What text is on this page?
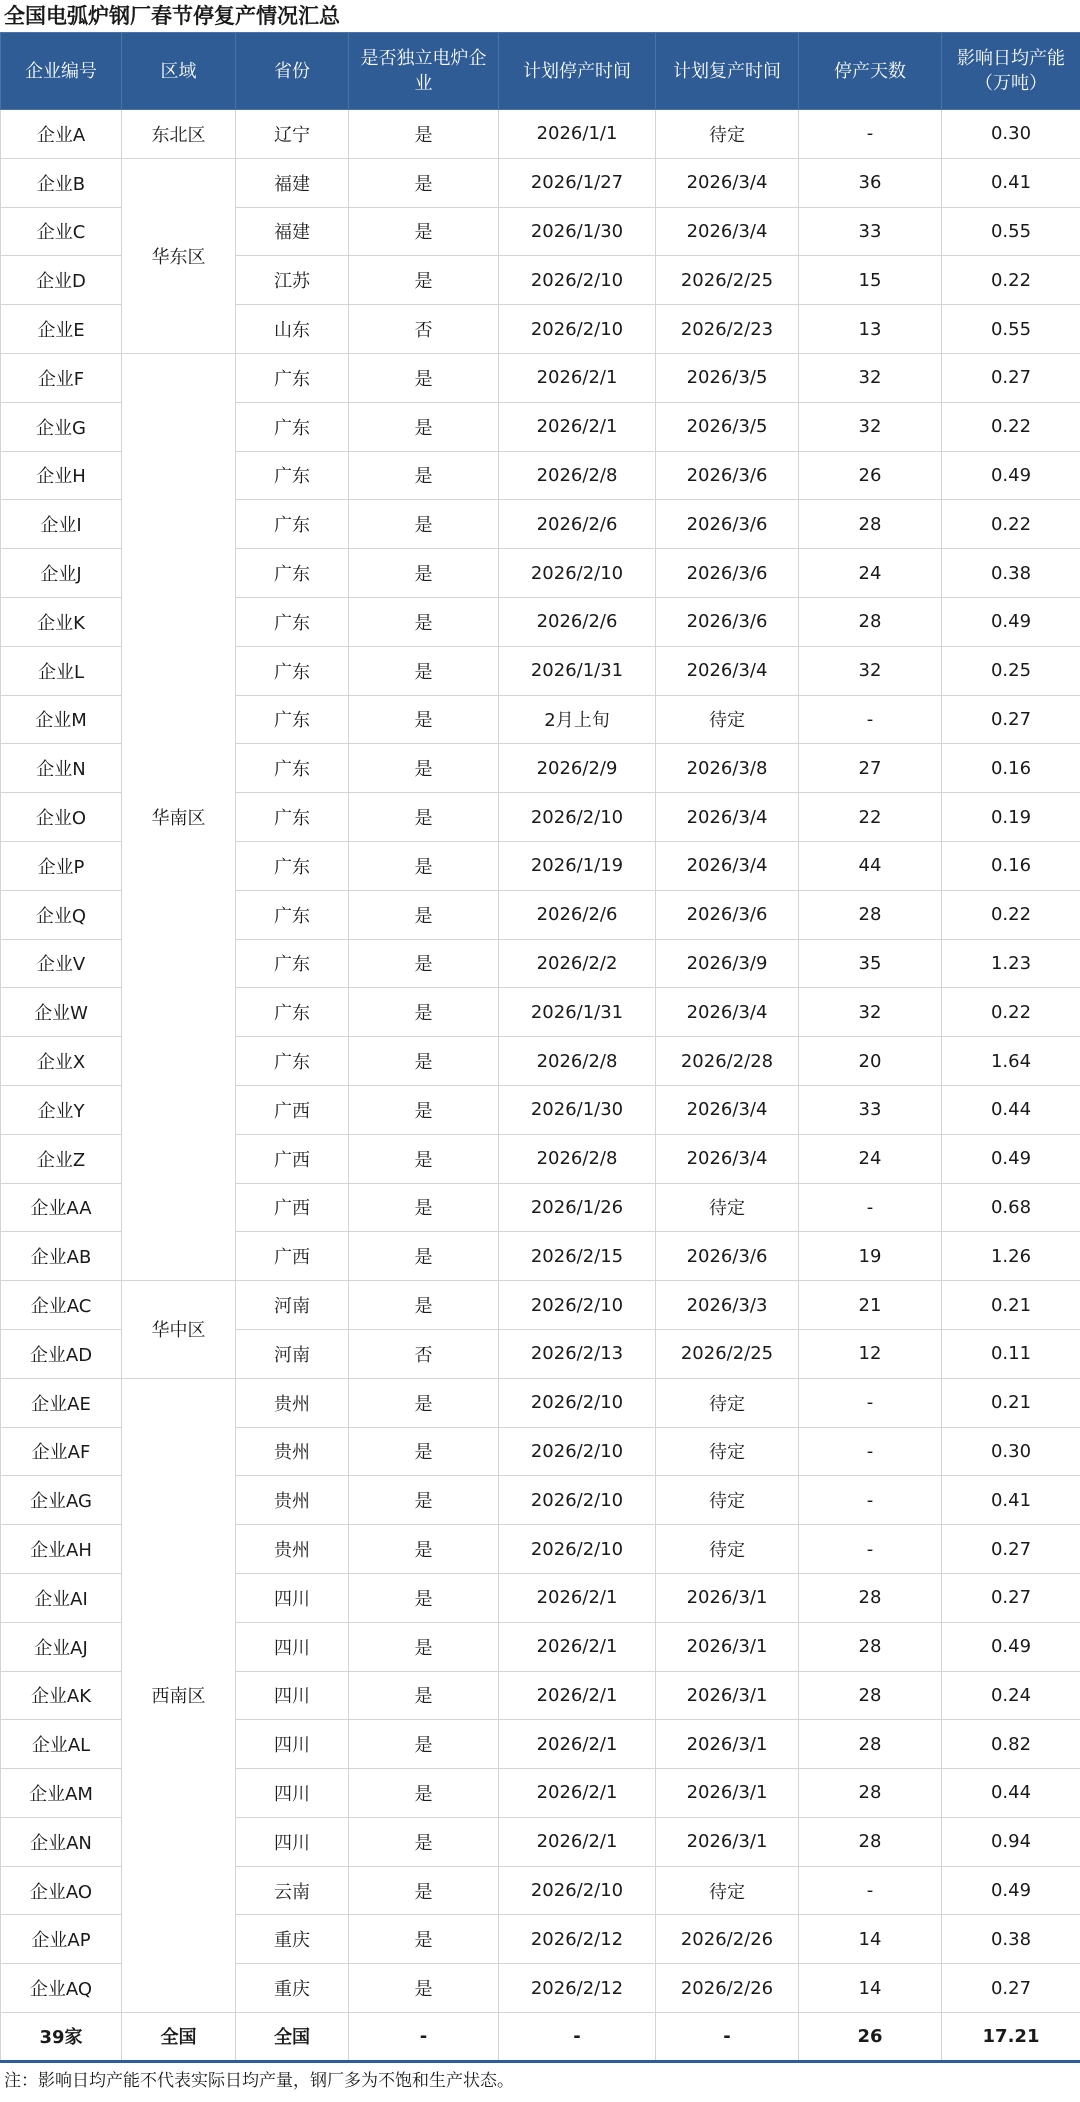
全国电弧炉钢厂春节停复产情况汇总
企业编号	区域	省份	是否独立电炉企业	计划停产时间	计划复产时间	停产天数	影响日均产能（万吨）
企业A	东北区	辽宁	是	2026/1/1	待定	-	0.30
企业B	华东区	福建	是	2026/1/27	2026/3/4	36	0.41
企业C		福建	是	2026/1/30	2026/3/4	33	0.55
企业D		江苏	是	2026/2/10	2026/2/25	15	0.22
企业E		山东	否	2026/2/10	2026/2/23	13	0.55
企业F	华南区	广东	是	2026/2/1	2026/3/5	32	0.27
企业G		广东	是	2026/2/1	2026/3/5	32	0.22
企业H		广东	是	2026/2/8	2026/3/6	26	0.49
企业I		广东	是	2026/2/6	2026/3/6	28	0.22
企业J		广东	是	2026/2/10	2026/3/6	24	0.38
企业K		广东	是	2026/2/6	2026/3/6	28	0.49
企业L		广东	是	2026/1/31	2026/3/4	32	0.25
企业M		广东	是	2月上旬	待定	-	0.27
企业N		广东	是	2026/2/9	2026/3/8	27	0.16
企业O		广东	是	2026/2/10	2026/3/4	22	0.19
企业P		广东	是	2026/1/19	2026/3/4	44	0.16
企业Q		广东	是	2026/2/6	2026/3/6	28	0.22
企业V		广东	是	2026/2/2	2026/3/9	35	1.23
企业W		广东	是	2026/1/31	2026/3/4	32	0.22
企业X		广东	是	2026/2/8	2026/2/28	20	1.64
企业Y		广西	是	2026/1/30	2026/3/4	33	0.44
企业Z		广西	是	2026/2/8	2026/3/4	24	0.49
企业AA		广西	是	2026/1/26	待定	-	0.68
企业AB		广西	是	2026/2/15	2026/3/6	19	1.26
企业AC	华中区	河南	是	2026/2/10	2026/3/3	21	0.21
企业AD		河南	否	2026/2/13	2026/2/25	12	0.11
企业AE	西南区	贵州	是	2026/2/10	待定	-	0.21
企业AF		贵州	是	2026/2/10	待定	-	0.30
企业AG		贵州	是	2026/2/10	待定	-	0.41
企业AH		贵州	是	2026/2/10	待定	-	0.27
企业AI		四川	是	2026/2/1	2026/3/1	28	0.27
企业AJ		四川	是	2026/2/1	2026/3/1	28	0.49
企业AK		四川	是	2026/2/1	2026/3/1	28	0.24
企业AL		四川	是	2026/2/1	2026/3/1	28	0.82
企业AM		四川	是	2026/2/1	2026/3/1	28	0.44
企业AN		四川	是	2026/2/1	2026/3/1	28	0.94
企业AO		云南	是	2026/2/10	待定	-	0.49
企业AP		重庆	是	2026/2/12	2026/2/26	14	0.38
企业AQ		重庆	是	2026/2/12	2026/2/26	14	0.27
39家	全国	全国	-	-	-	26	17.21
注：影响日均产能不代表实际日均产量，钢厂多为不饱和生产状态。
